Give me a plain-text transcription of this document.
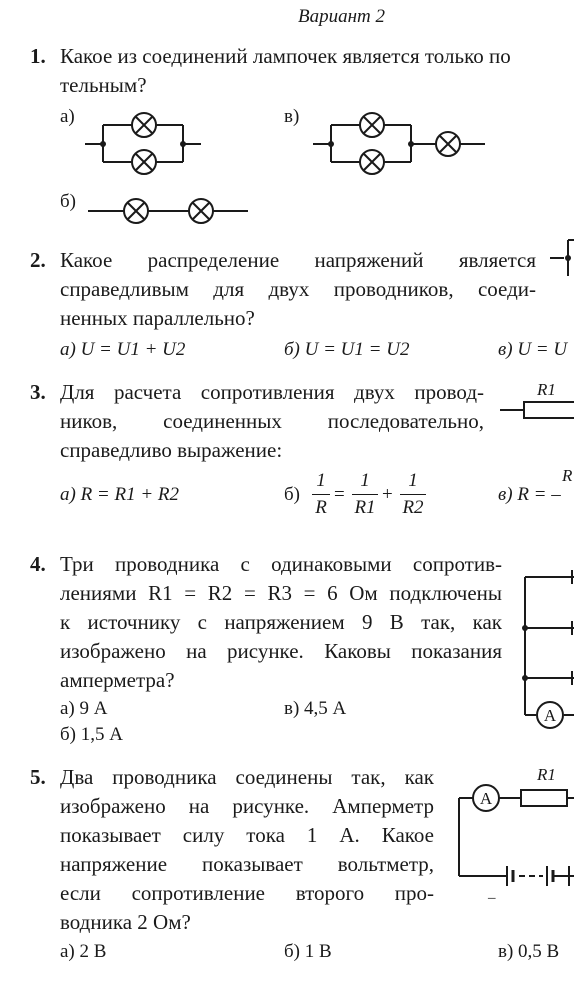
Вариант 2
1. Какое из соединений лампочек является только по
тельным?
а)	в)
б)
2. Какое распределение напряжений является
справедливым для двух проводников, соеди-
ненных параллельно?
а) U = U1 + U2	б) U = U1 = U2	в) U = U
3. Для расчета сопротивления двух провод-
ников, соединенных последовательно,
справедливо выражение:
а) R = R1 + R2	б)
1
R
=
1
R1
+
1
R2
в) R = –
R1
R
4. Три проводника с одинаковыми сопротив-
лениями R1 = R2 = R3 = 6 Ом подключены
к источнику с напряжением 9 В так, как
изображено на рисунке. Каковы показания
амперметра?
а) 9 А	в) 4,5 А
б) 1,5 А
A
5. Два проводника соединены так, как
изображено на рисунке. Амперметр
показывает силу тока 1 А. Какое
напряжение показывает вольтметр,
если сопротивление второго про-
водника 2 Ом?
а) 2 В	б) 1 В	в) 0,5 В
R1
A
–
